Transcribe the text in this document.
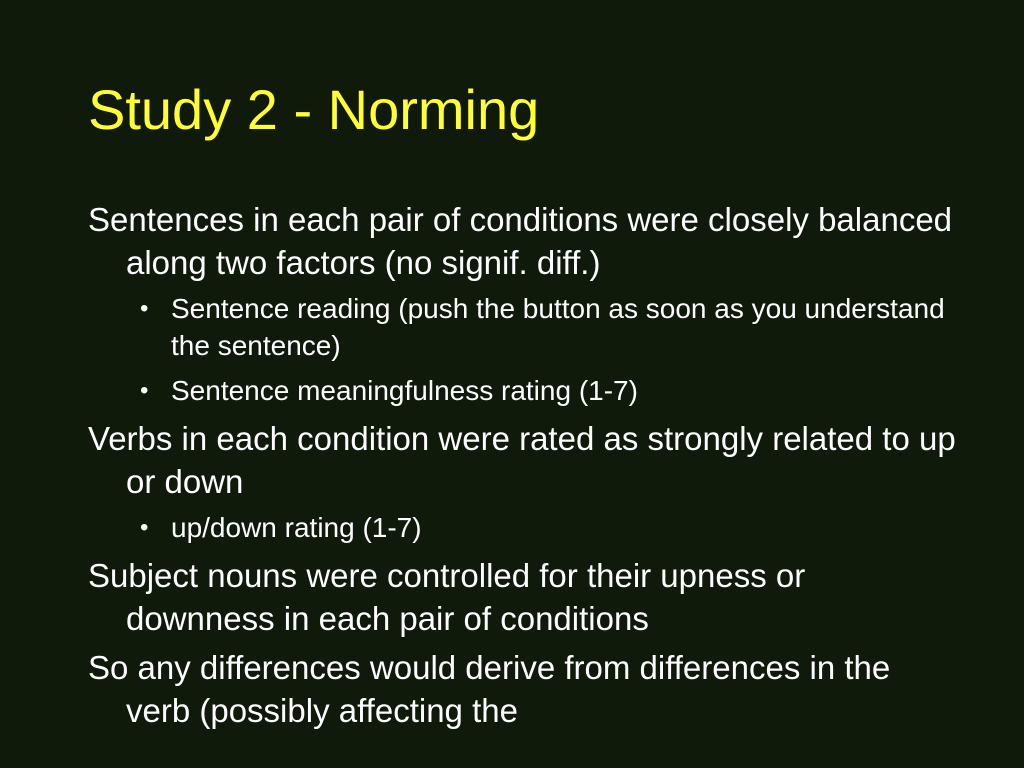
Study 2 - Norming
Sentences in each pair of conditions were closely balanced along two factors (no signif. diff.)
• Sentence reading (push the button as soon as you understand the sentence)
• Sentence meaningfulness rating (1-7)
Verbs in each condition were rated as strongly related to up or down
• up/down rating (1-7)
Subject nouns were controlled for their upness or downness in each pair of conditions
So any differences would derive from differences in the verb (possibly affecting the
